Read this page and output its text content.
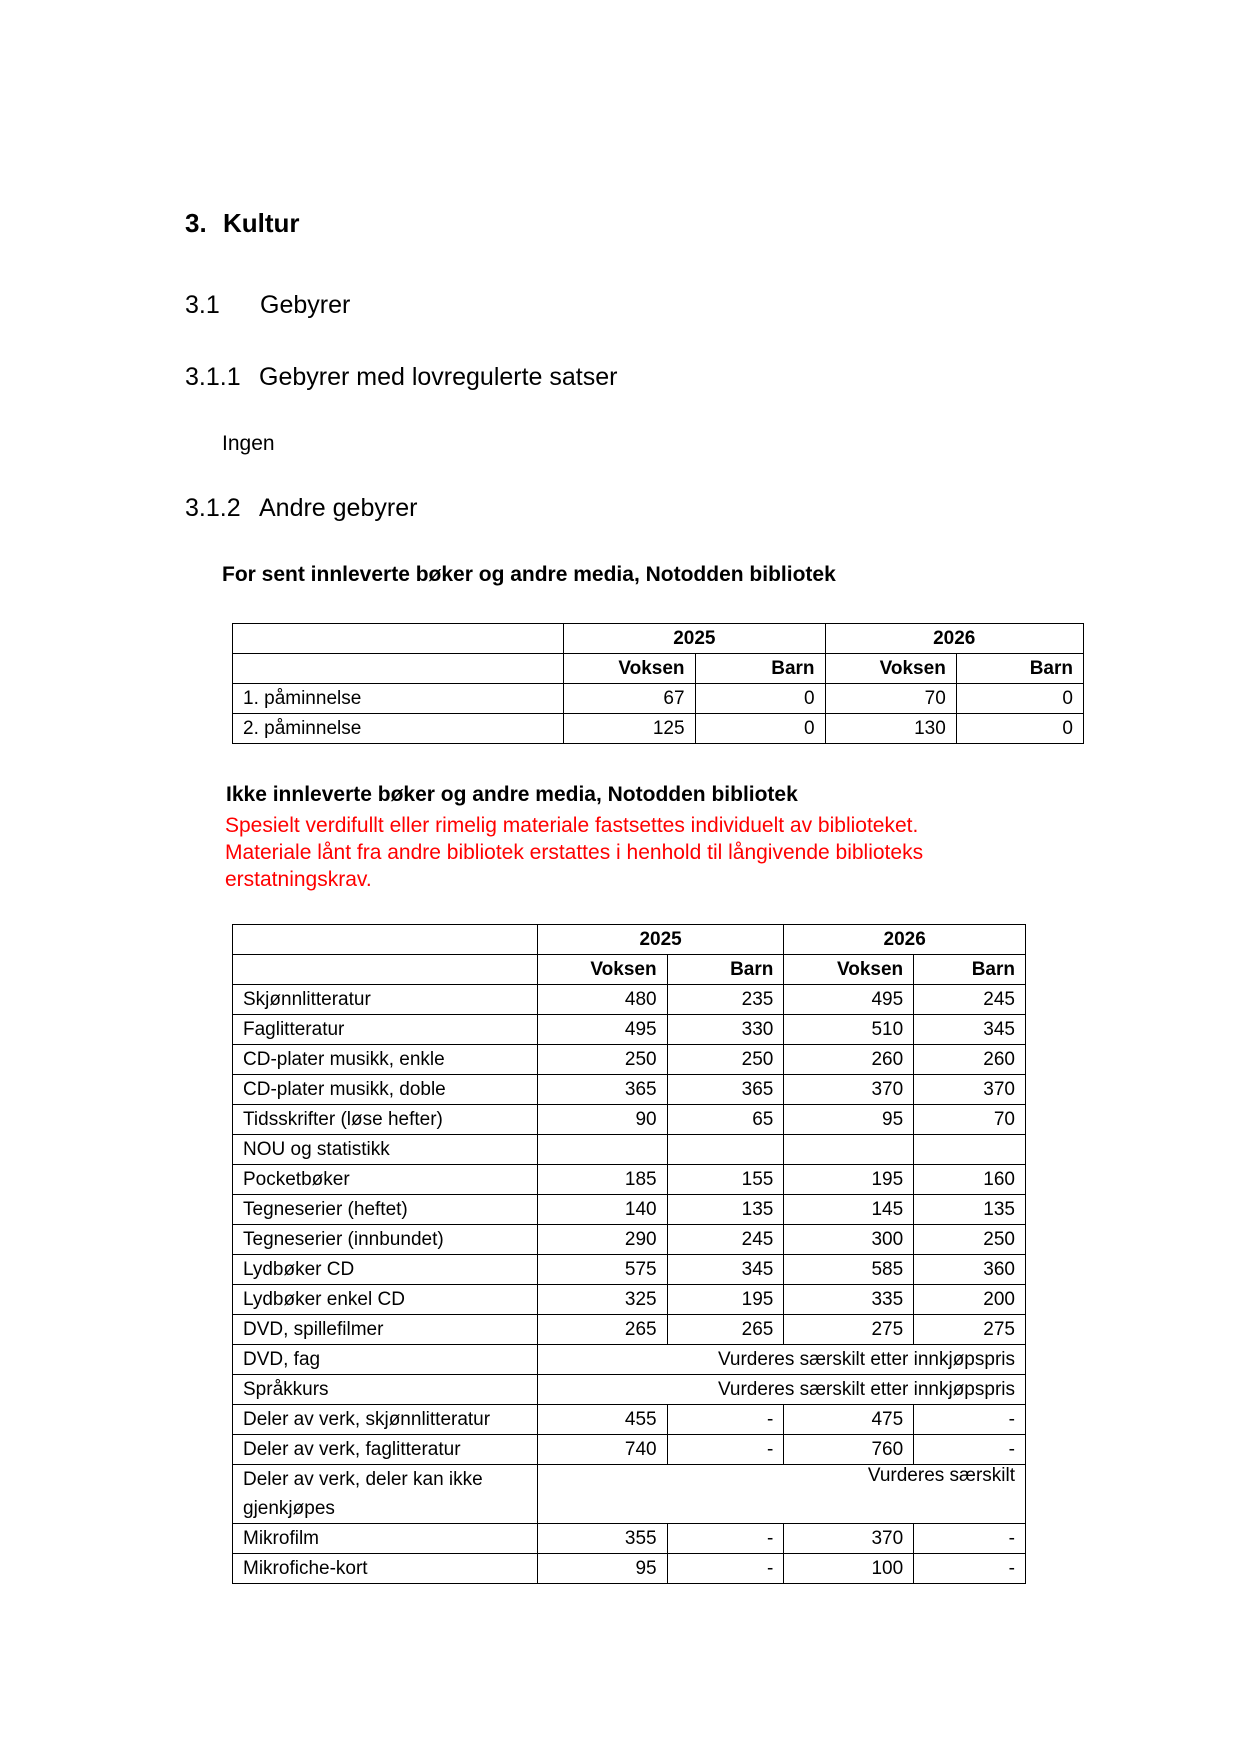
3. Kultur
3.1 Gebyrer
3.1.1 Gebyrer med lovregulerte satser

Ingen

3.1.2 Andre gebyrer

For sent innleverte bøker og andre media, Notodden bibliotek

	2025		2026	
	Voksen	Barn	Voksen	Barn
1. påminnelse	67	0	70	0
2. påminnelse	125	0	130	0

Ikke innleverte bøker og andre media, Notodden bibliotek

Spesielt verdifullt eller rimelig materiale fastsettes individuelt av biblioteket.
Materiale lånt fra andre bibliotek erstattes i henhold til långivende biblioteks
erstatningskrav.
	2025		2026	
	Voksen	Barn	Voksen	Barn
Skjønnlitteratur	480	235	495	245
Faglitteratur	495	330	510	345
CD-plater musikk, enkle	250	250	260	260
CD-plater musikk, doble	365	365	370	370
Tidsskrifter (løse hefter)	90	65	95	70
NOU og statistikk				
Pocketbøker	185	155	195	160
Tegneserier (heftet)	140	135	145	135
Tegneserier (innbundet)	290	245	300	250
Lydbøker CD	575	345	585	360
Lydbøker enkel CD	325	195	335	200
DVD, spillefilmer	265	265	275	275
DVD, fag	Vurderes særskilt etter innkjøpspris			
Språkkurs	Vurderes særskilt etter innkjøpspris			
Deler av verk, skjønnlitteratur	455	-	475	-
Deler av verk, faglitteratur	740	-	760	-
Deler av verk, deler kan ikke gjenkjøpes	Vurderes særskilt			
Mikrofilm	355	-	370	-
Mikrofiche-kort	95	-	100	-
